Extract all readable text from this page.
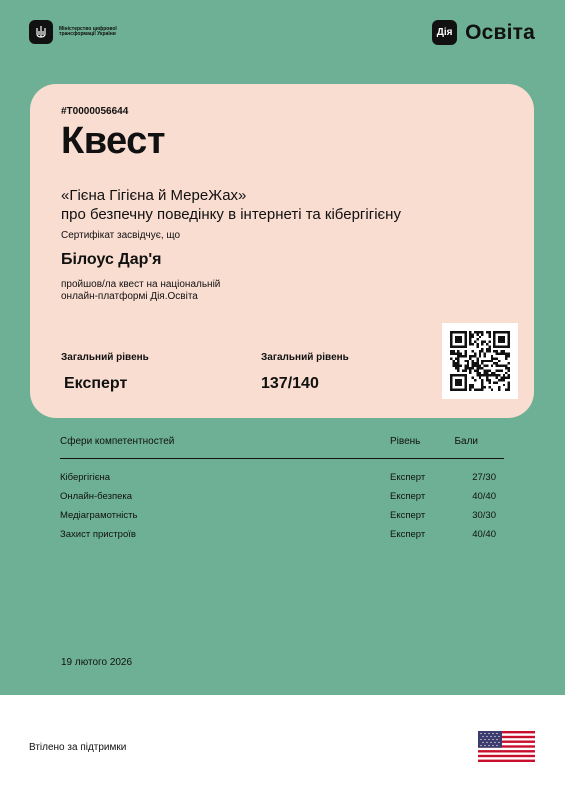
Міністерство цифрової трансформації України	Дія Освіта
#T0000056644
Квест
«Гієна Гігієна й МереЖах»
про безпечну поведінку в інтернеті та кібергігієну
Сертифікат засвідчує, що
Білоус Дар'я
пройшов/ла квест на національній
онлайн-платформі Дія.Освіта
Загальний рівень
Експерт
Загальний рівень
137/140
Сфери компетентностей	Рівень	Бали
Кібергігієна	Експерт	27/30
Онлайн-безпека	Експерт	40/40
Медіаграмотність	Експерт	30/30
Захист пристроїв	Експерт	40/40
19 лютого 2026
Втілено за підтримки
